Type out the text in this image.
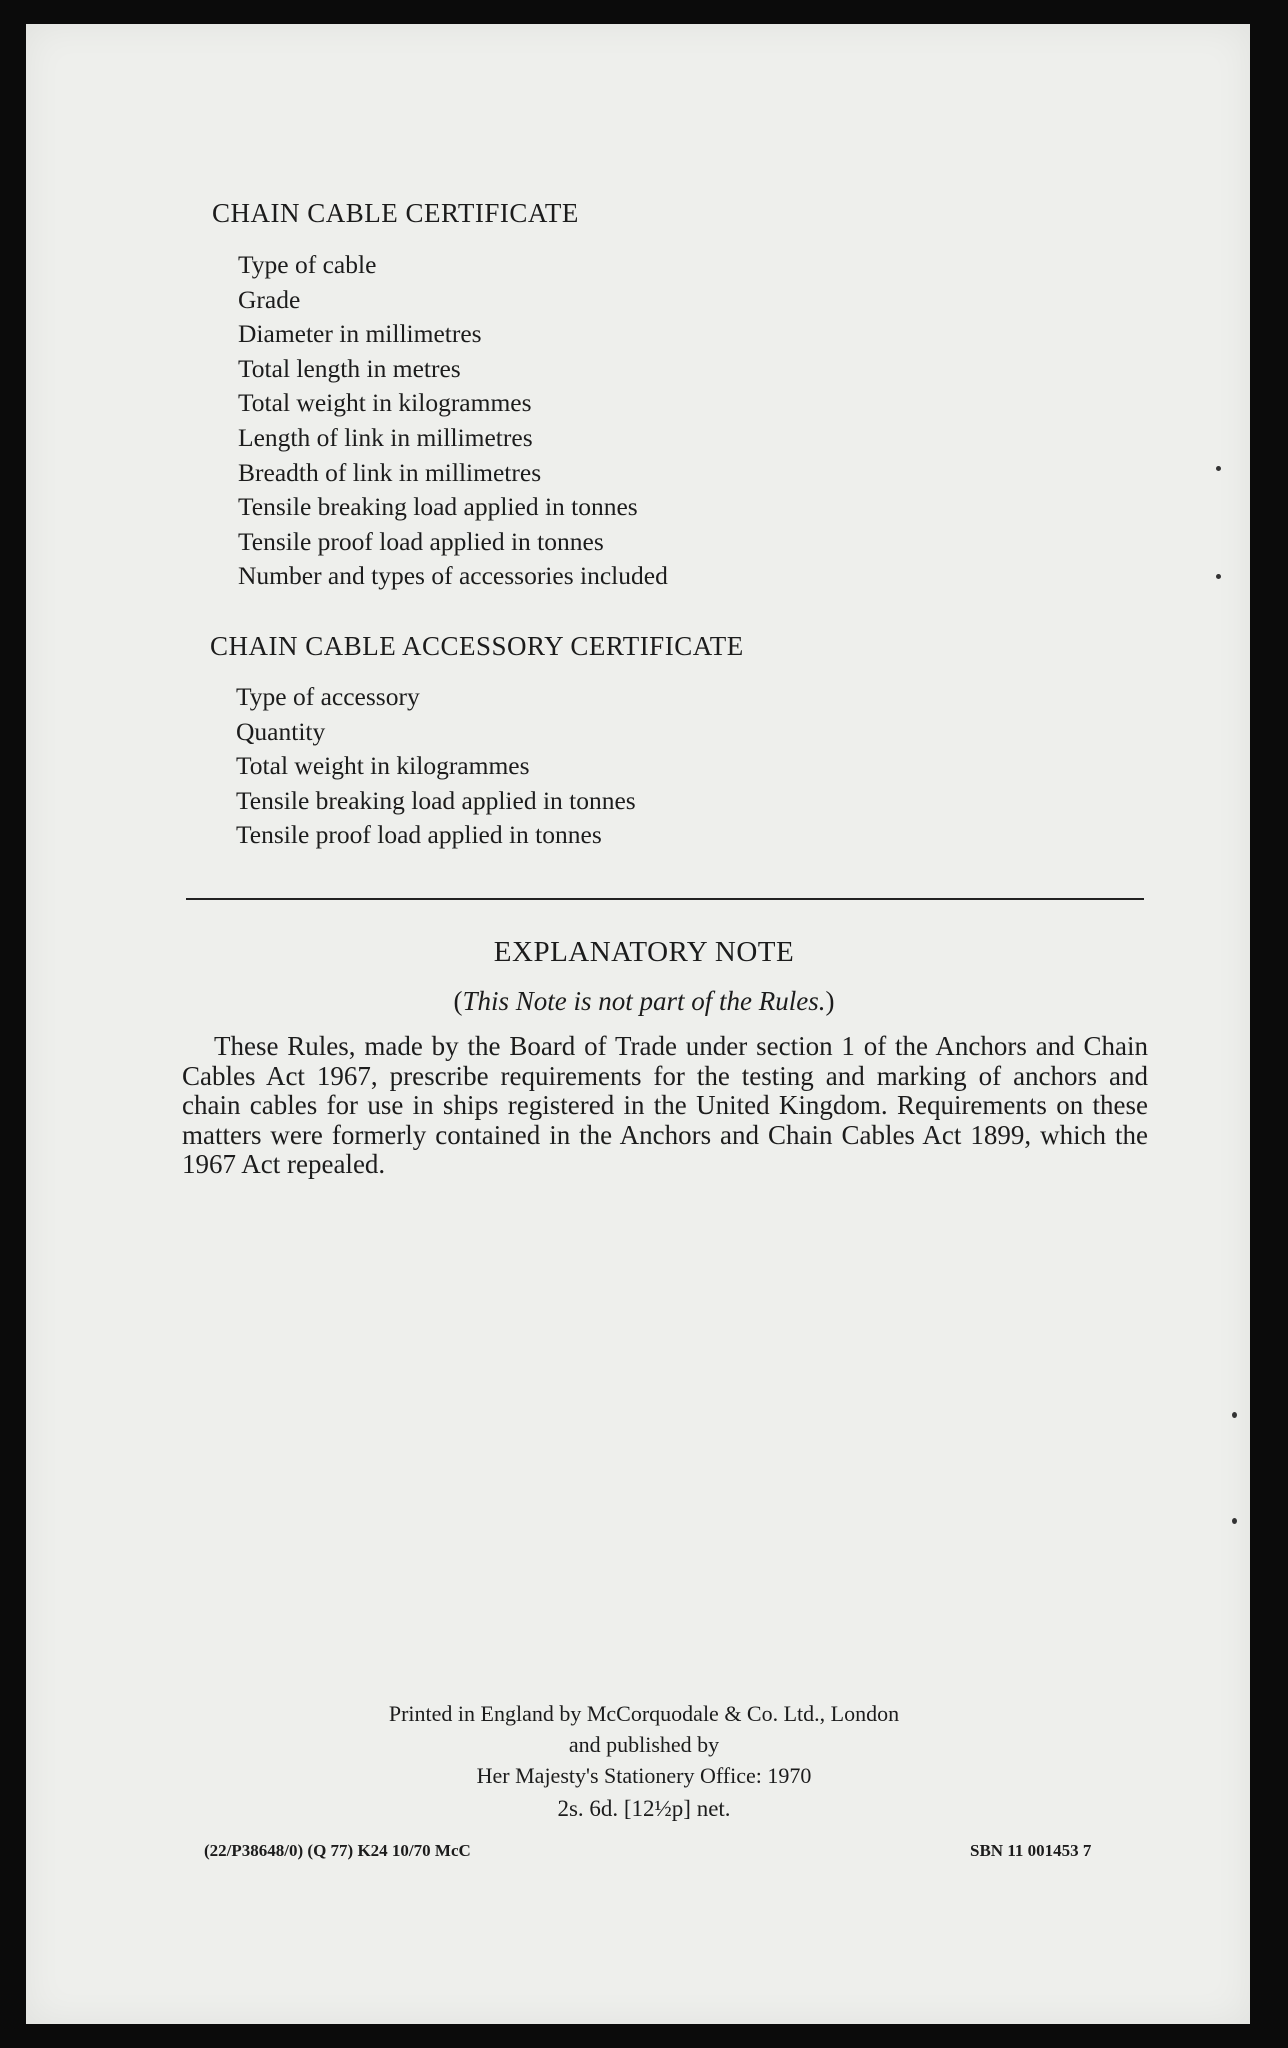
CHAIN CABLE CERTIFICATE
Type of cable
Grade
Diameter in millimetres
Total length in metres
Total weight in kilogrammes
Length of link in millimetres
Breadth of link in millimetres
Tensile breaking load applied in tonnes
Tensile proof load applied in tonnes
Number and types of accessories included
CHAIN CABLE ACCESSORY CERTIFICATE
Type of accessory
Quantity
Total weight in kilogrammes
Tensile breaking load applied in tonnes
Tensile proof load applied in tonnes
EXPLANATORY NOTE
(This Note is not part of the Rules.)

These Rules, made by the Board of Trade under section 1 of the Anchors and Chain Cables Act 1967, prescribe requirements for the testing and marking of anchors and chain cables for use in ships registered in the United Kingdom. Requirements on these matters were formerly contained in the Anchors and Chain Cables Act 1899, which the 1967 Act repealed.

Printed in England by McCorquodale & Co. Ltd., London
and published by
Her Majesty's Stationery Office: 1970
2s. 6d. [12½p] net.
(22/P38648/0) (Q 77) K24 10/70 McC	SBN 11 001453 7
